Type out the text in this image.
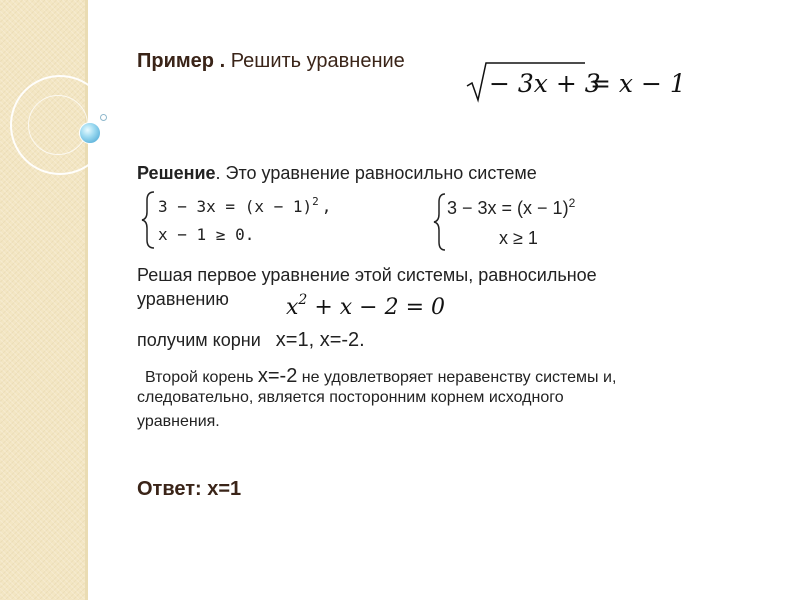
Пример . Решить уравнение
− 3x + 3
= x − 1
Решение. Это уравнение равносильно системе
$3 - 3x = (x - 1)^2$ ,
x − 1 ≥ 0.
$3 - 3x = (x - 1)^2$
x ≥ 1
Решая первое уравнение этой системы, равносильное
уравнению	$x^2 + x - 2 = 0$
получим корни x=1, x=-2.
Второй корень x=-2 не удовлетворяет неравенству системы и,
следовательно, является посторонним корнем исходного
уравнения.
Ответ: x=1
